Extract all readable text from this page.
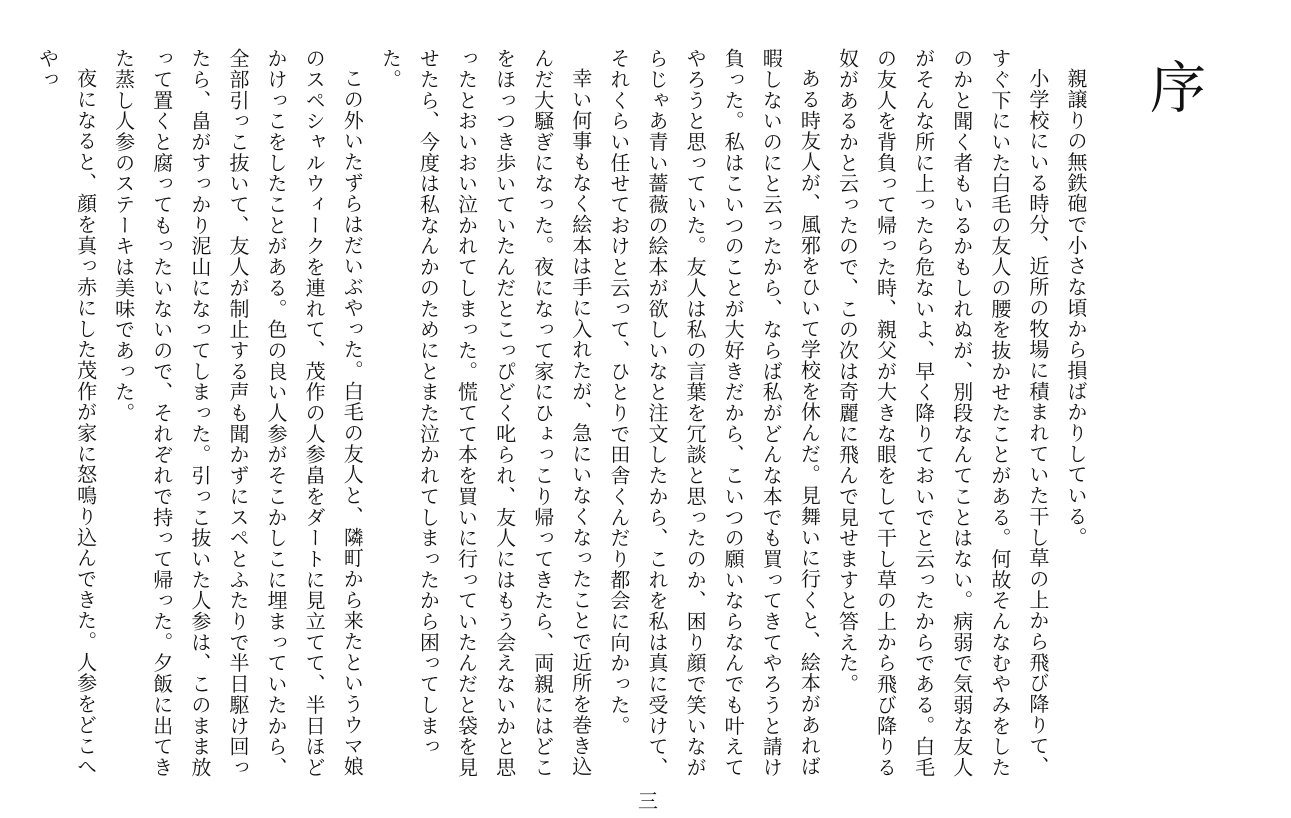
序

親譲りの無鉄砲で小さな頃から損ばかりしている。

小学校にいる時分、近所の牧場に積まれていた干し草の上から飛び降りて、すぐ下にいた白毛の友人の腰を抜かせたことがある。何故そんなむやみをしたのかと聞く者もいるかもしれぬが、別段なんてことはない。病弱で気弱な友人がそんな所に上ったら危ないよ、早く降りておいでと云ったからである。白毛の友人を背負って帰った時、親父が大きな眼をして干し草の上から飛び降りる奴があるかと云ったので、この次は奇麗に飛んで見せますと答えた。

ある時友人が、風邪をひいて学校を休んだ。見舞いに行くと、絵本があれば暇しないのにと云ったから、ならば私がどんな本でも買ってきてやろうと請け負った。私はこいつのことが大好きだから、こいつの願いならなんでも叶えてやろうと思っていた。友人は私の言葉を冗談と思ったのか、困り顔で笑いながらじゃあ青い薔薇の絵本が欲しいなと注文したから、これを私は真に受けて、それくらい任せておけと云って、ひとりで田舎くんだり都会に向かった。

幸い何事もなく絵本は手に入れたが、急にいなくなったことで近所を巻き込んだ大騒ぎになった。夜になって家にひょっこり帰ってきたら、両親にはどこをほっつき歩いていたんだとこっぴどく叱られ、友人にはもう会えないかと思ったとおいおい泣かれてしまった。慌てて本を買いに行っていたんだと袋を見せたら、今度は私なんかのためにとまた泣かれてしまったから困ってしまった。

この外いたずらはだいぶやった。白毛の友人と、隣町から来たというウマ娘のスペシャルウィークを連れて、茂作の人参畠をダートに見立てて、半日ほどかけっこをしたことがある。色の良い人参がそこかしこに埋まっていたから、全部引っこ抜いて、友人が制止する声も聞かずにスペとふたりで半日駆け回ったら、畠がすっかり泥山になってしまった。引っこ抜いた人参は、このまま放って置くと腐ってもったいないので、それぞれで持って帰った。夕飯に出てきた蒸し人参のステーキは美味であった。

夜になると、顔を真っ赤にした茂作が家に怒鳴り込んできた。人参をどこへやっ

三
